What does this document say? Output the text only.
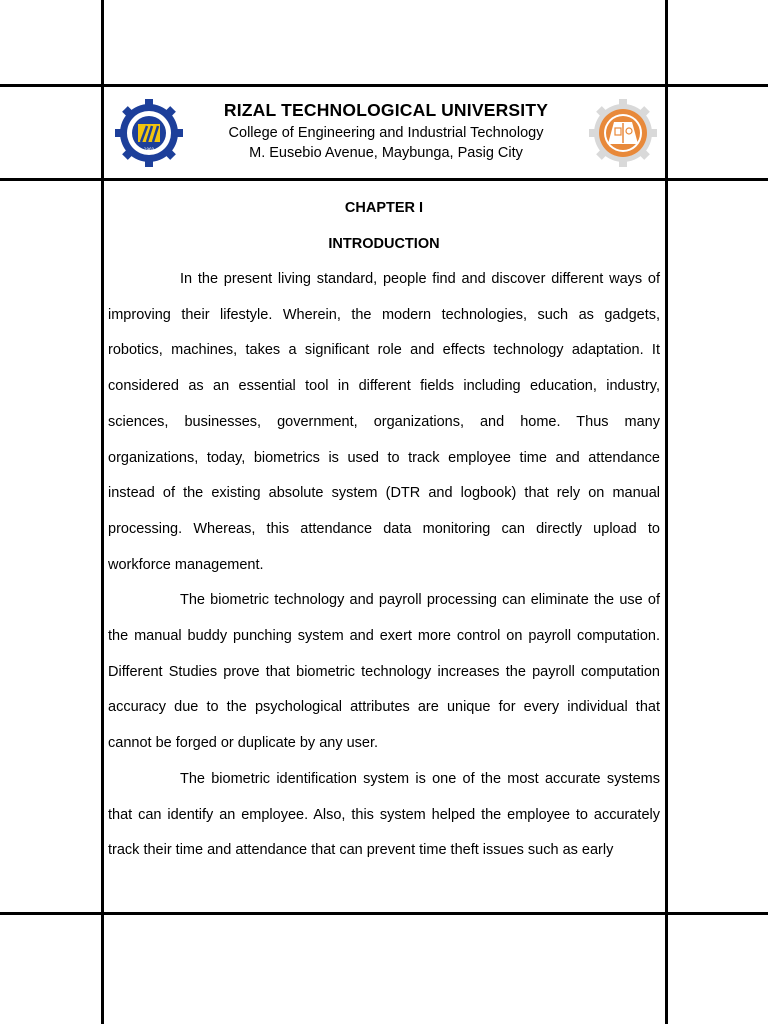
1969
RIZAL TECHNOLOGICAL UNIVERSITY
College of Engineering and Industrial Technology
M. Eusebio Avenue, Maybunga, Pasig City
CHAPTER I
INTRODUCTION

In the present living standard, people find and discover different ways of improving their lifestyle. Wherein, the modern technologies, such as gadgets, robotics, machines, takes a significant role and effects technology adaptation. It considered as an essential tool in different fields including education, industry, sciences, businesses, government, organizations, and home. Thus many organizations, today, biometrics is used to track employee time and attendance instead of the existing absolute system (DTR and logbook) that rely on manual processing. Whereas, this attendance data monitoring can directly upload to workforce management.

The biometric technology and payroll processing can eliminate the use of the manual buddy punching system and exert more control on payroll computation. Different Studies prove that biometric technology increases the payroll computation accuracy due to the psychological attributes are unique for every individual that cannot be forged or duplicate by any user.

The biometric identification system is one of the most accurate systems that can identify an employee. Also, this system helped the employee to accurately track their time and attendance that can prevent time theft issues such as early
